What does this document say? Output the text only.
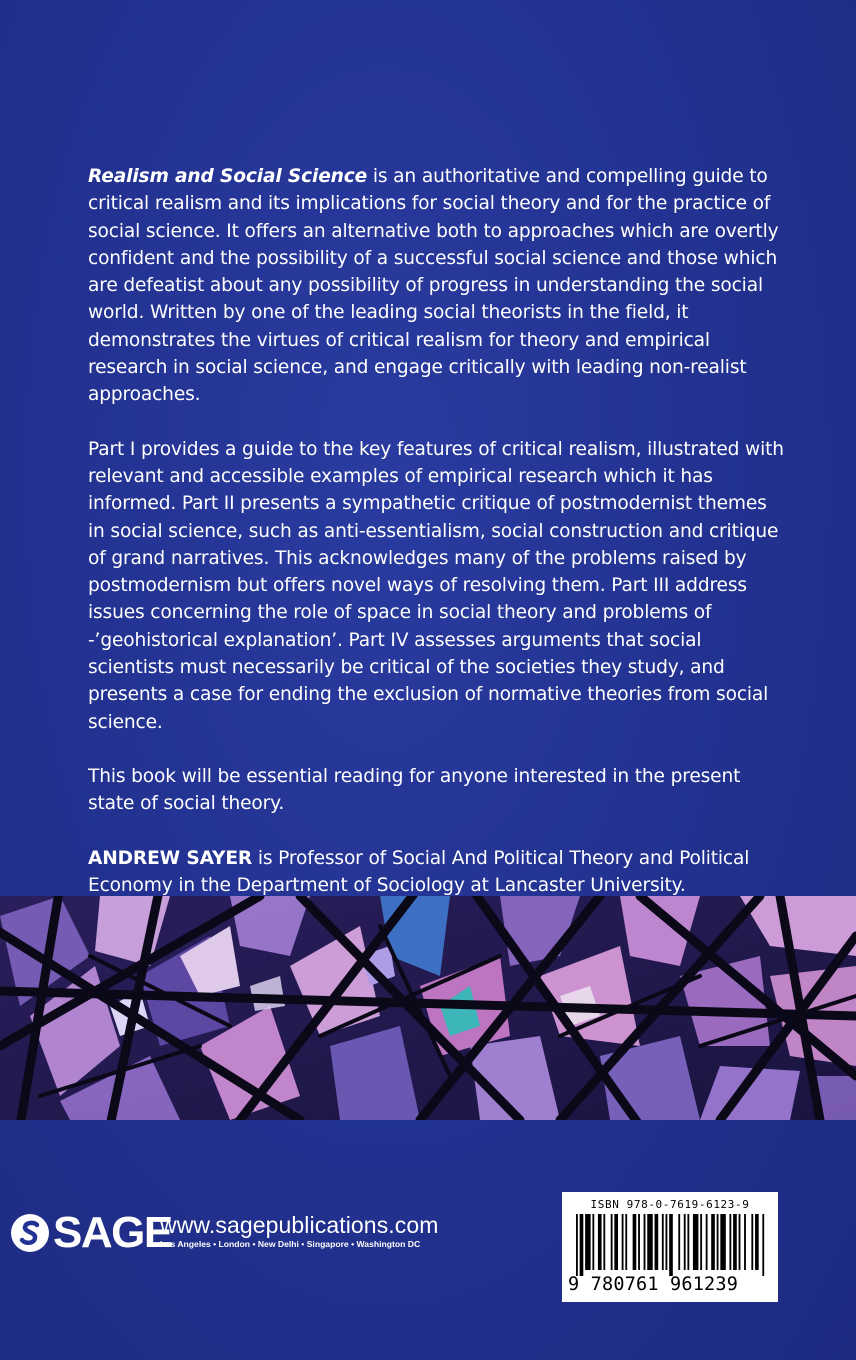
Realism and Social Science is an authoritative and compelling guide to critical realism and its implications for social theory and for the practice of social science. It offers an alternative both to approaches which are overtly confident and the possibility of a successful social science and those which are defeatist about any possibility of progress in understanding the social world. Written by one of the leading social theorists in the field, it demonstrates the virtues of critical realism for theory and empirical research in social science, and engage critically with leading non-realist approaches.

Part I provides a guide to the key features of critical realism, illustrated with relevant and accessible examples of empirical research which it has informed. Part II presents a sympathetic critique of postmodernist themes in social science, such as anti-essentialism, social construction and critique of grand narratives. This acknowledges many of the problems raised by postmodernism but offers novel ways of resolving them. Part III address issues concerning the role of space in social theory and problems of -’geohistorical explanation’. Part IV assesses arguments that social scientists must necessarily be critical of the societies they study, and presents a case for ending the exclusion of normative theories from social science.

This book will be essential reading for anyone interested in the present state of social theory.

ANDREW SAYER is Professor of Social And Political Theory and Political Economy in the Department of Sociology at Lancaster University.

SAGE
www.sagepublications.com
Los Angeles • London • New Delhi • Singapore • Washington DC
ISBN 978-0-7619-6123-9
9 780761 961239
